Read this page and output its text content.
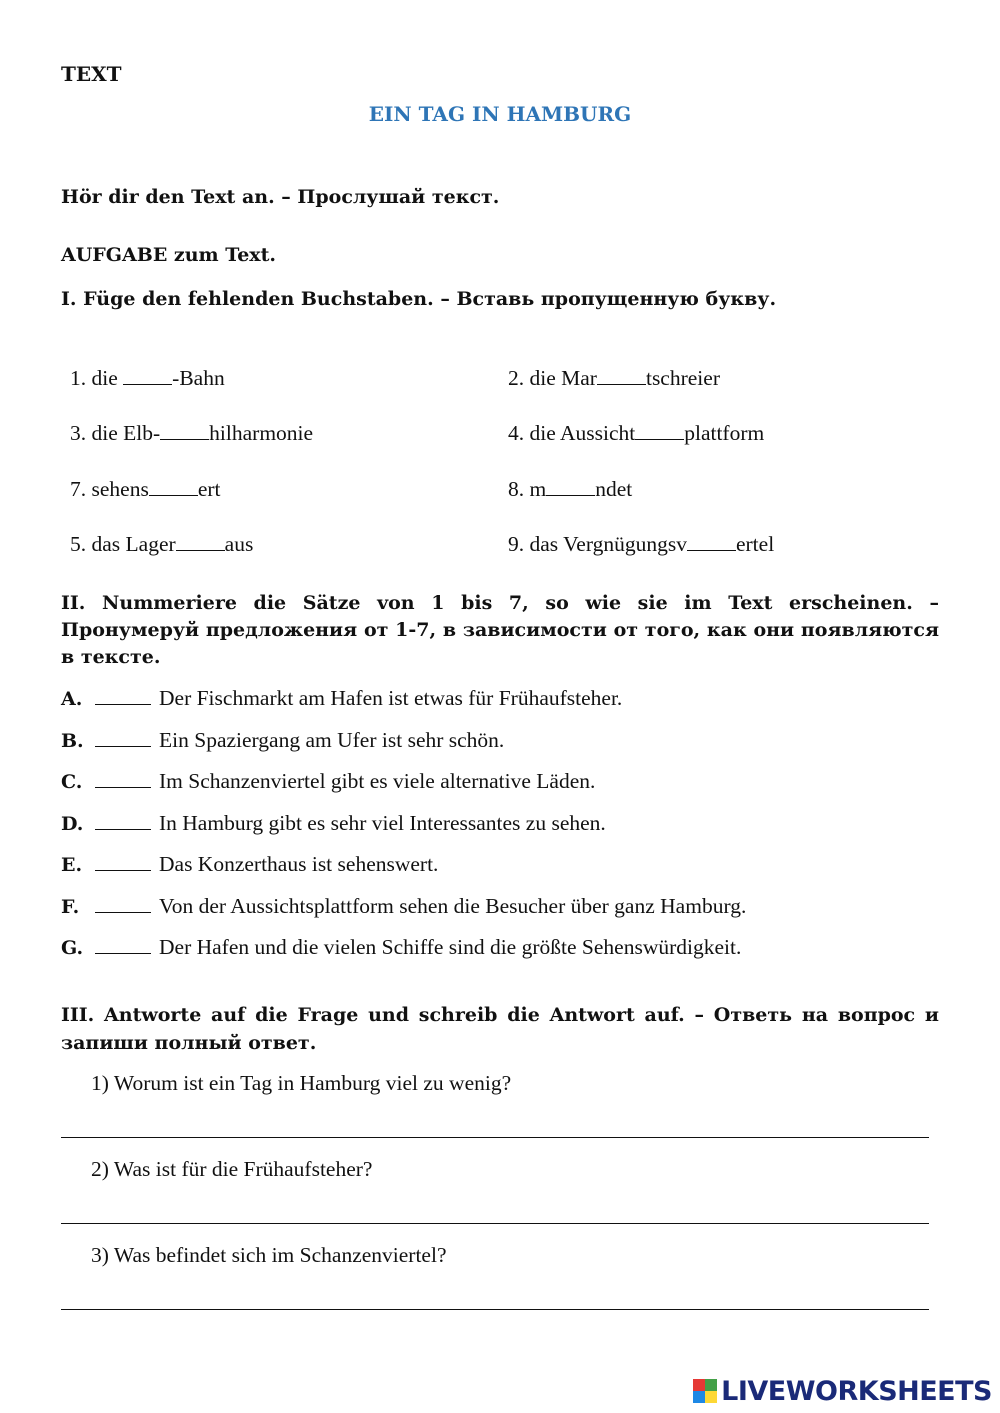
TEXT
EIN TAG IN HAMBURG
Hör dir den Text an. – Прослушай текст.
AUFGABE zum Text.
I. Füge den fehlenden Buchstaben. – Вставь пропущенную букву.
1. die -Bahn	2. die Mar tschreier
3. die Elb- hilharmonie	4. die Aussicht plattform
7. sehens ert	8. m ndet
5. das Lager aus	9. das Vergnügungsv ertel
II. Nummeriere die Sätze von 1 bis 7, so wie sie im Text erscheinen. – Пронумеруй предложения от 1-7, в зависимости от того, как они появляются в тексте.
A.	Der Fischmarkt am Hafen ist etwas für Frühaufsteher.
B.	Ein Spaziergang am Ufer ist sehr schön.
C.	Im Schanzenviertel gibt es viele alternative Läden.
D.	In Hamburg gibt es sehr viel Interessantes zu sehen.
E.	Das Konzerthaus ist sehenswert.
F.	Von der Aussichtsplattform sehen die Besucher über ganz Hamburg.
G.	Der Hafen und die vielen Schiffe sind die größte Sehenswürdigkeit.
III. Antworte auf die Frage und schreib die Antwort auf. – Ответь на вопрос и запиши полный ответ.
1) Worum ist ein Tag in Hamburg viel zu wenig?
2) Was ist für die Frühaufsteher?
3) Was befindet sich im Schanzenviertel?
LIVEWORKSHEETS
